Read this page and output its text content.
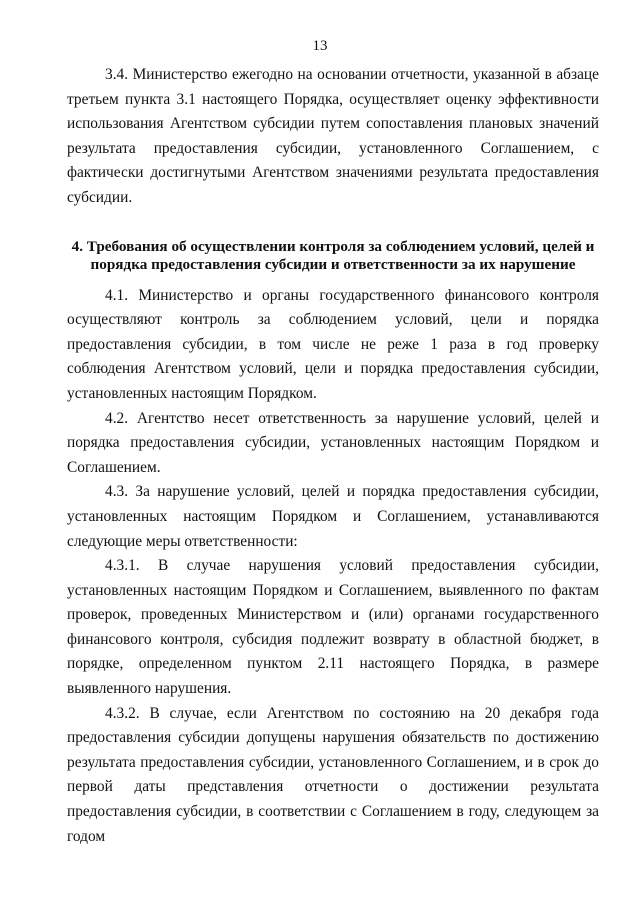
13

3.4. Министерство ежегодно на основании отчетности, указанной в абзаце третьем пункта 3.1 настоящего Порядка, осуществляет оценку эффективности использования Агентством субсидии путем сопоставления плановых значений результата предоставления субсидии, установленного Соглашением, с фактически достигнутыми Агентством значениями результата предоставления субсидии.

4. Требования об осуществлении контроля за соблюдением условий, целей и
порядка предоставления субсидии и ответственности за их нарушение

4.1. Министерство и органы государственного финансового контроля осуществляют контроль за соблюдением условий, цели и порядка предоставления субсидии, в том числе не реже 1 раза в год проверку соблюдения Агентством условий, цели и порядка предоставления субсидии, установленных настоящим Порядком.

4.2. Агентство несет ответственность за нарушение условий, целей и порядка предоставления субсидии, установленных настоящим Порядком и Соглашением.

4.3. За нарушение условий, целей и порядка предоставления субсидии, установленных настоящим Порядком и Соглашением, устанавливаются следующие меры ответственности:

4.3.1. В случае нарушения условий предоставления субсидии, установленных настоящим Порядком и Соглашением, выявленного по фактам проверок, проведенных Министерством и (или) органами государственного финансового контроля, субсидия подлежит возврату в областной бюджет, в порядке, определенном пунктом 2.11 настоящего Порядка, в размере выявленного нарушения.

4.3.2. В случае, если Агентством по состоянию на 20 декабря года предоставления субсидии допущены нарушения обязательств по достижению результата предоставления субсидии, установленного Соглашением, и в срок до первой даты представления отчетности о достижении результата предоставления субсидии, в соответствии с Соглашением в году, следующем за годом
